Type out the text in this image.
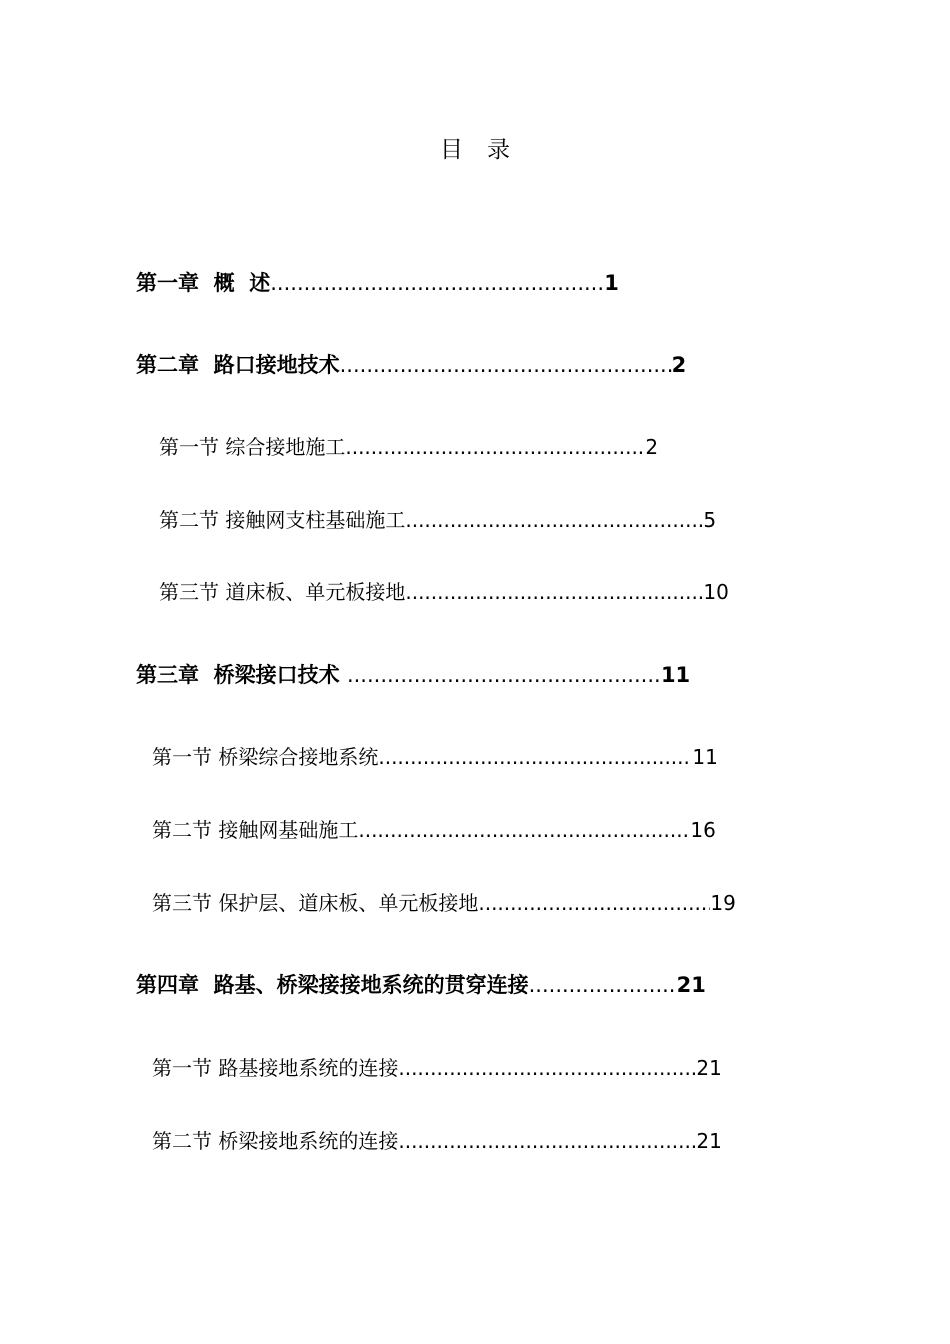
目 录
第一章  概  述 .....	1
第二章  路口接地技术 .....	2
第一节 综合接地施工 .....	2
第二节 接触网支柱基础施工 .....	5
第三节 道床板、单元板接地 .....	10
第三章  桥梁接口技术 .....	11
第一节 桥梁综合接地系统 .....	11
第二节 接触网基础施工 .....	16
第三节 保护层、道床板、单元板接地 .....	19
第四章  路基、桥梁接接地系统的贯穿连接 .....	21
第一节 路基接地系统的连接 .....	21
第二节 桥梁接地系统的连接 .....	21
